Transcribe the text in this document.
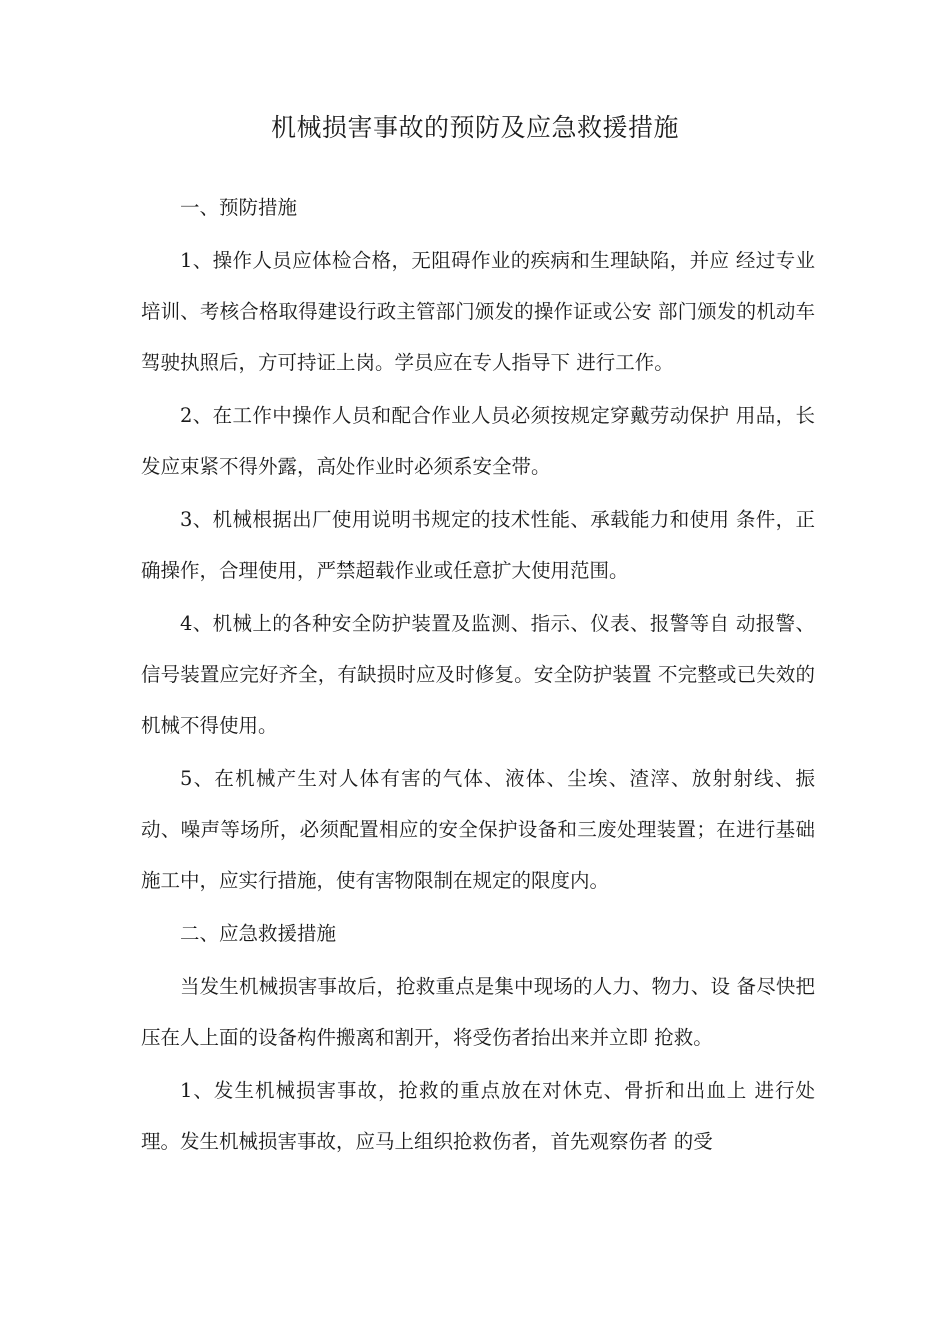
机械损害事故的预防及应急救援措施

一、预防措施

1、操作人员应体检合格，无阻碍作业的疾病和生理缺陷，并应 经过专业培训、考核合格取得建设行政主管部门颁发的操作证或公安 部门颁发的机动车驾驶执照后，方可持证上岗。学员应在专人指导下 进行工作。

2、在工作中操作人员和配合作业人员必须按规定穿戴劳动保护 用品，长发应束紧不得外露，高处作业时必须系安全带。

3、机械根据出厂使用说明书规定的技术性能、承载能力和使用 条件，正确操作，合理使用，严禁超载作业或任意扩大使用范围。

4、机械上的各种安全防护装置及监测、指示、仪表、报警等自 动报警、信号装置应完好齐全，有缺损时应及时修复。安全防护装置 不完整或已失效的机械不得使用。

5、在机械产生对人体有害的气体、液体、尘埃、渣滓、放射射线、振动、噪声等场所，必须配置相应的安全保护设备和三废处理装置；在进行基础施工中，应实行措施，使有害物限制在规定的限度内。

二、应急救援措施

当发生机械损害事故后，抢救重点是集中现场的人力、物力、设 备尽快把压在人上面的设备构件搬离和割开，将受伤者抬出来并立即 抢救。

1、发生机械损害事故，抢救的重点放在对休克、骨折和出血上 进行处理。发生机械损害事故，应马上组织抢救伤者，首先观察伤者 的受
